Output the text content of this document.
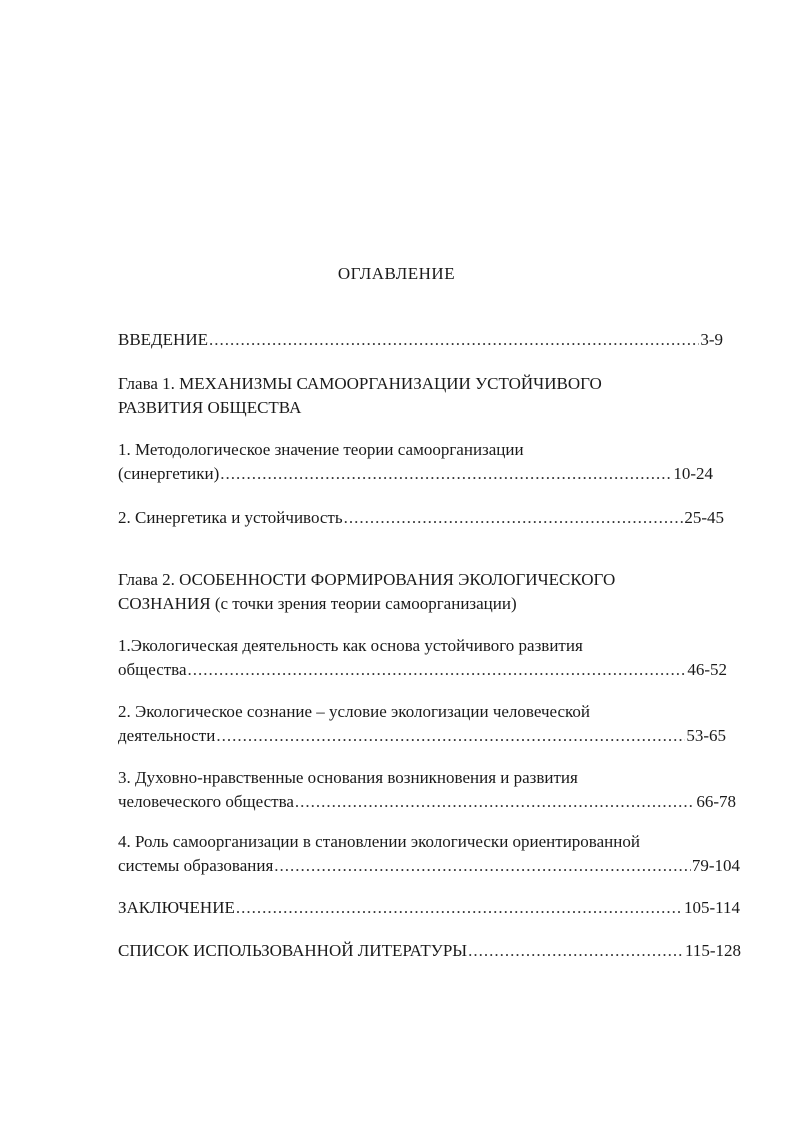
ОГЛАВЛЕНИЕ
ВВЕДЕНИЕ .....	3-9
Глава 1. МЕХАНИЗМЫ САМООРГАНИЗАЦИИ УСТОЙЧИВОГО
РАЗВИТИЯ ОБЩЕСТВА
1. Методологическое значение теории самоорганизации
(синергетики) .....	10-24
2. Синергетика и устойчивость .....	25-45
Глава 2. ОСОБЕННОСТИ ФОРМИРОВАНИЯ ЭКОЛОГИЧЕСКОГО
СОЗНАНИЯ (с точки зрения теории самоорганизации)
1.Экологическая деятельность как основа устойчивого развития
общества .....	46-52
2. Экологическое сознание – условие экологизации человеческой
деятельности .....	53-65
3. Духовно-нравственные основания возникновения и развития
человеческого общества .....	66-78
4. Роль самоорганизации в становлении экологически ориентированной
системы образования .....	79-104
ЗАКЛЮЧЕНИЕ .....	105-114
СПИСОК ИСПОЛЬЗОВАННОЙ ЛИТЕРАТУРЫ .....	115-128
